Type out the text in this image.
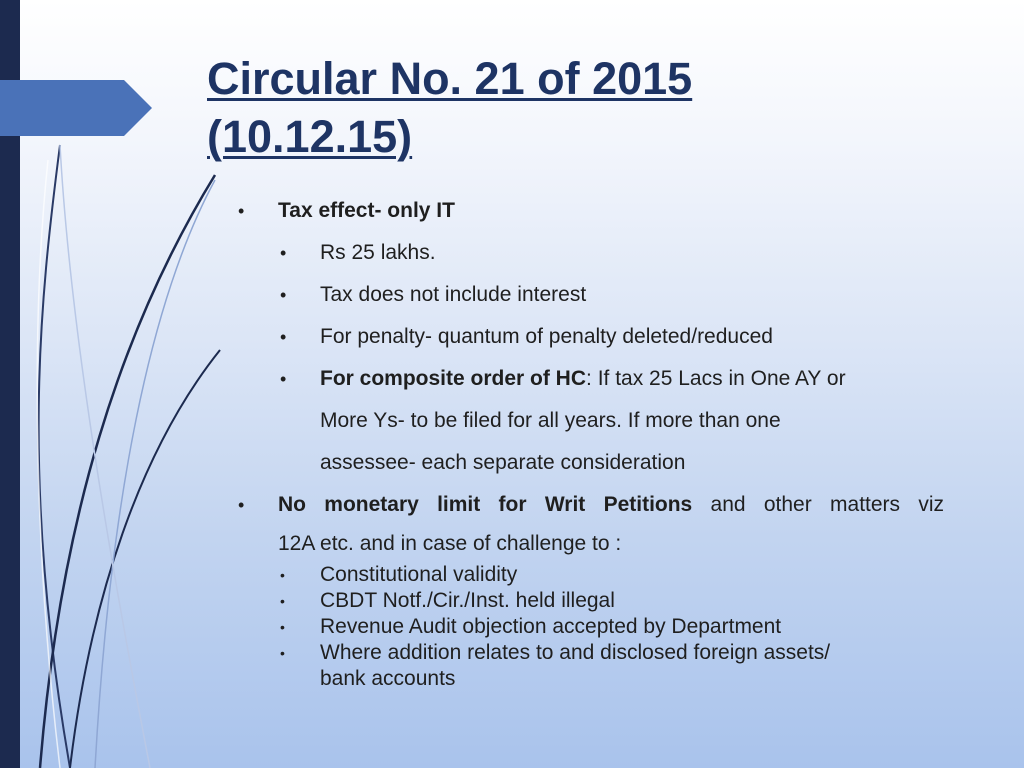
Circular No. 21 of 2015
(10.12.15)
• Tax effect- only IT
• Rs 25 lakhs.
• Tax does not include interest
• For penalty- quantum of penalty deleted/reduced
• For composite order of HC: If tax 25 Lacs in One AY or
More Ys- to be filed for all years. If more than one
assessee- each separate consideration
• No monetary limit for Writ Petitions and other matters viz
12A etc. and in case of challenge to :
• Constitutional validity
• CBDT Notf./Cir./Inst. held illegal
• Revenue Audit objection accepted by Department
• Where addition relates to and disclosed foreign assets/
bank accounts
